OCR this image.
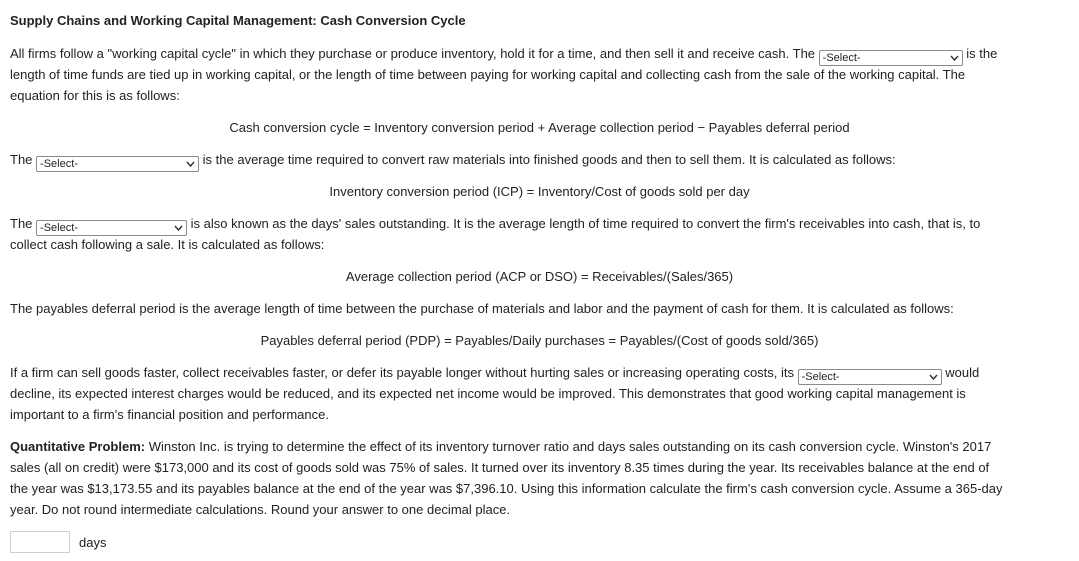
Supply Chains and Working Capital Management: Cash Conversion Cycle
All firms follow a "working capital cycle" in which they purchase or produce inventory, hold it for a time, and then sell it and receive cash. The -Select-	is the
length of time funds are tied up in working capital, or the length of time between paying for working capital and collecting cash from the sale of the working capital. The
equation for this is as follows:
Cash conversion cycle = Inventory conversion period + Average collection period − Payables deferral period
The -Select-	is the average time required to convert raw materials into finished goods and then to sell them. It is calculated as follows:
Inventory conversion period (ICP) = Inventory/Cost of goods sold per day
The -Select-	is also known as the days' sales outstanding. It is the average length of time required to convert the firm's receivables into cash, that is, to
collect cash following a sale. It is calculated as follows:
Average collection period (ACP or DSO) = Receivables/(Sales/365)
The payables deferral period is the average length of time between the purchase of materials and labor and the payment of cash for them. It is calculated as follows:
Payables deferral period (PDP) = Payables/Daily purchases = Payables/(Cost of goods sold/365)
If a firm can sell goods faster, collect receivables faster, or defer its payable longer without hurting sales or increasing operating costs, its -Select-	would
decline, its expected interest charges would be reduced, and its expected net income would be improved. This demonstrates that good working capital management is
important to a firm's financial position and performance.
Quantitative Problem: Winston Inc. is trying to determine the effect of its inventory turnover ratio and days sales outstanding on its cash conversion cycle. Winston's 2017
sales (all on credit) were $173,000 and its cost of goods sold was 75% of sales. It turned over its inventory 8.35 times during the year. Its receivables balance at the end of
the year was $13,173.55 and its payables balance at the end of the year was $7,396.10. Using this information calculate the firm's cash conversion cycle. Assume a 365-day
year. Do not round intermediate calculations. Round your answer to one decimal place.
days
